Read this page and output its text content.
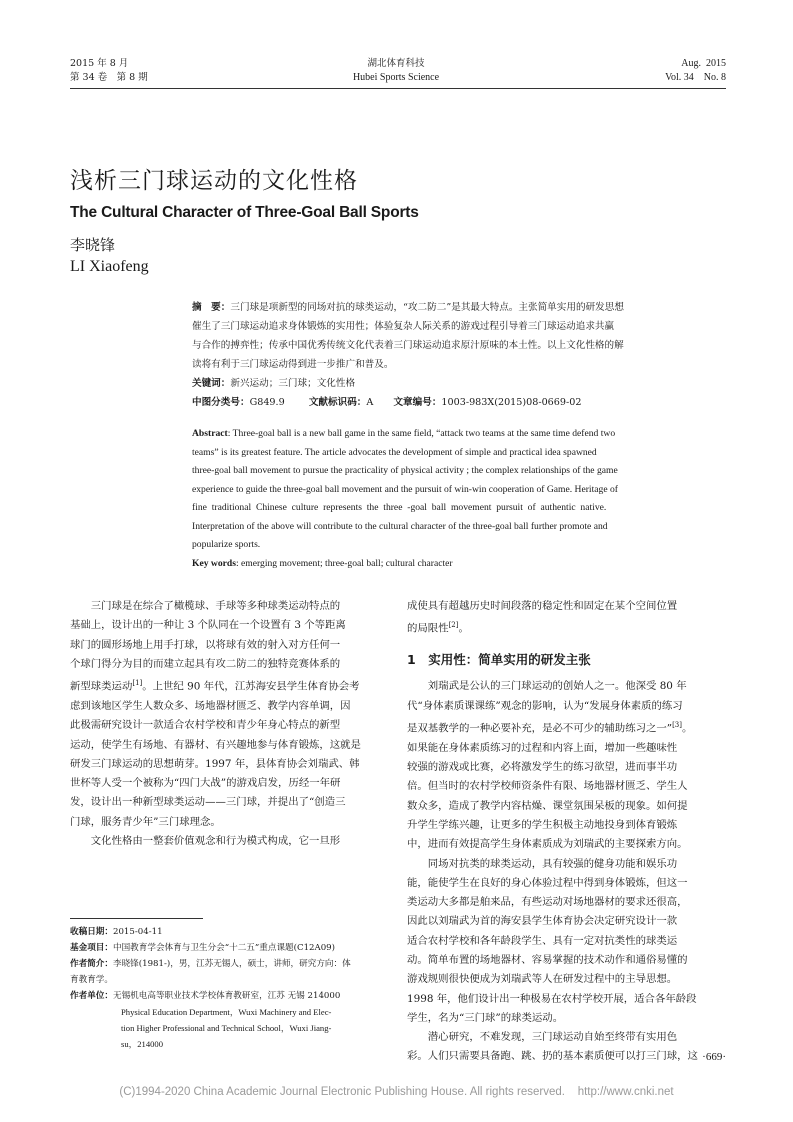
2015 年 8 月
第 34 卷　第 8 期
湖北体育科技
Hubei Sports Science
Aug.  2015
Vol. 34    No. 8
浅析三门球运动的文化性格
The Cultural Character of Three-Goal Ball Sports
李晓锋
LI Xiaofeng
摘　要：三门球是项新型的同场对抗的球类运动，“攻二防二”是其最大特点。主张简单实用的研发思想
催生了三门球运动追求身体锻炼的实用性；体验复杂人际关系的游戏过程引导着三门球运动追求共赢
与合作的搏弈性；传承中国优秀传统文化代表着三门球运动追求原汁原味的本土性。以上文化性格的解
读将有利于三门球运动得到进一步推广和普及。
关键词：新兴运动；三门球；文化性格
中图分类号：G849.9	文献标识码：A 文章编号：1003-983X(2015)08-0669-02
Abstract: Three-goal ball is a new ball game in the same field, “attack two teams at the same time defend two
teams” is its greatest feature. The article advocates the development of simple and practical idea spawned
three-goal ball movement to pursue the practicality of physical activity ; the complex relationships of the game
experience to guide the three-goal ball movement and the pursuit of win-win cooperation of Game. Heritage of
fine  traditional  Chinese  culture  represents  the  three  -goal  ball  movement  pursuit  of  authentic  native.
Interpretation of the above will contribute to the cultural character of the three-goal ball further promote and
popularize sports.
Key words: emerging movement; three-goal ball; cultural character

三门球是在综合了橄榄球、手球等多种球类运动特点的

基础上，设计出的一种让 3 个队同在一个设置有 3 个等距离

球门的圆形场地上用手打球，以将球有效的射入对方任何一

个球门得分为目的而建立起具有攻二防二的独特竞赛体系的

新型球类运动[1]。上世纪 90 年代，江苏海安县学生体育协会考

虑到该地区学生人数众多、场地器材匮乏、教学内容单调，因

此极需研究设计一款适合农村学校和青少年身心特点的新型

运动，使学生有场地、有器材、有兴趣地参与体育锻炼，这就是

研发三门球运动的思想萌芽。1997 年，县体育协会刘瑞武、韩

世杯等人受一个被称为“四门大战”的游戏启发，历经一年研

发，设计出一种新型球类运动——三门球，并提出了“创造三

门球，服务青少年”三门球理念。

文化性格由一整套价值观念和行为模式构成，它一旦形

收稿日期：2015-04-11
基金项目：中国教育学会体育与卫生分会“十二五”重点课题(C12A09)
作者简介：李晓锋(1981-)，男，江苏无锡人，硕士，讲师，研究方向：体
育教育学。
作者单位：无锡机电高等职业技术学校体育教研室，江苏 无锡 214000
Physical Education Department，Wuxi Machinery and Elec-
tion Higher Professional and Technical School，Wuxi Jiang-
su，214000

成使具有超越历史时间段落的稳定性和固定在某个空间位置

的局限性[2]。

1　实用性：简单实用的研发主张

刘瑞武是公认的三门球运动的创始人之一。他深受 80 年

代“身体素质课课练”观念的影响，认为“发展身体素质的练习

是双基教学的一种必要补充，是必不可少的辅助练习之一”[3]。

如果能在身体素质练习的过程和内容上面，增加一些趣味性

较强的游戏或比赛，必将激发学生的练习欲望，进而事半功

倍。但当时的农村学校师资条件有限、场地器材匮乏、学生人

数众多，造成了教学内容枯燥、课堂氛围呆板的现象。如何提

升学生学练兴趣，让更多的学生积极主动地投身到体育锻炼

中，进而有效提高学生身体素质成为刘瑞武的主要探索方向。

同场对抗类的球类运动，具有较强的健身功能和娱乐功

能，能使学生在良好的身心体验过程中得到身体锻炼，但这一

类运动大多都是舶来品，有些运动对场地器材的要求还很高，

因此以刘瑞武为首的海安县学生体育协会决定研究设计一款

适合农村学校和各年龄段学生、具有一定对抗类性的球类运

动。简单布置的场地器材、容易掌握的技术动作和通俗易懂的

游戏规则很快便成为刘瑞武等人在研发过程中的主导思想。

1998 年，他们设计出一种极易在农村学校开展，适合各年龄段

学生，名为“三门球”的球类运动。

潜心研究，不难发现，三门球运动自始至终带有实用色

彩。人们只需要具备跑、跳、扔的基本素质便可以打三门球，这 ·669·
(C)1994-2020 China Academic Journal Electronic Publishing House. All rights reserved.    http://www.cnki.net
